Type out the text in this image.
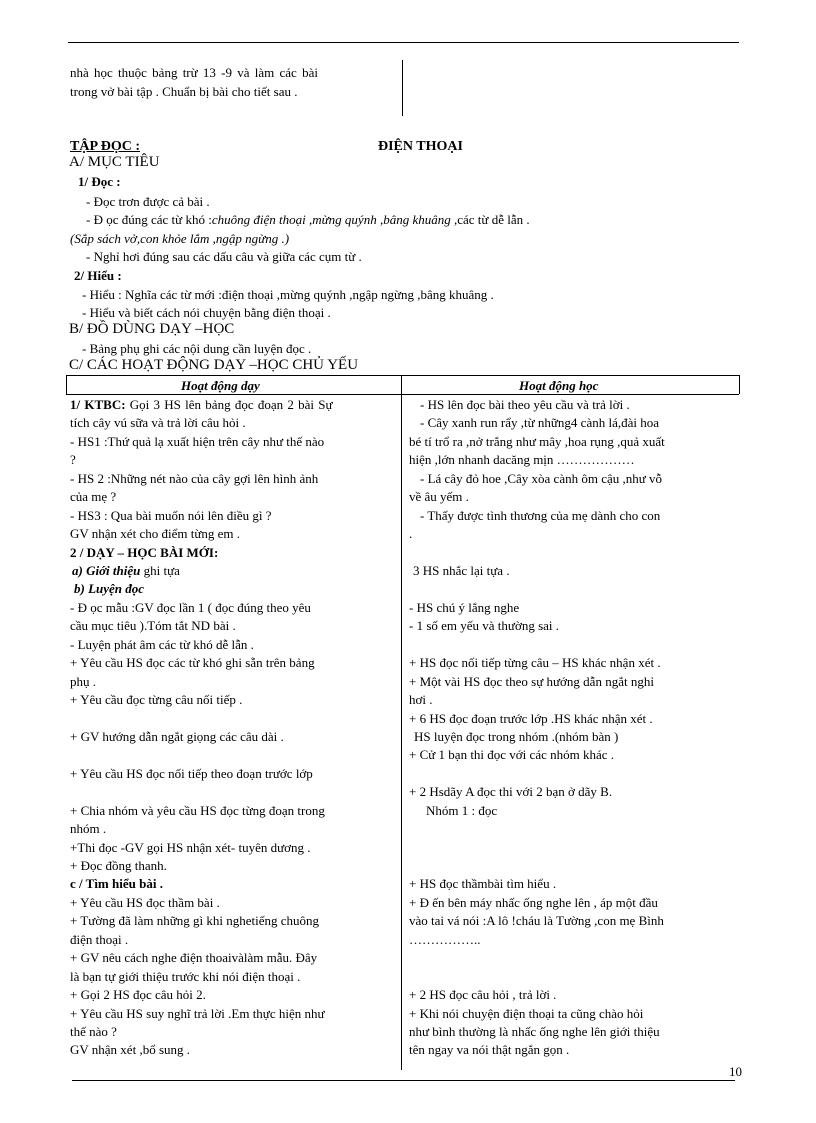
nhà học thuộc bảng trừ 13 -9 và làm các bài
trong vở bài tập . Chuẩn bị bài cho tiết sau .
TẬP ĐỌC :	ĐIỆN THOẠI
A/ MỤC TIÊU
1/ Đọc :
- Đọc trơn được cả bài .
- Đ ọc đúng các từ khó :chuông điện thoại ,mừng quýnh ,bâng khuâng ,các từ dễ lẫn .
(Sắp sách vở,con khỏe lắm ,ngập ngừng .)
- Nghỉ hơi đúng sau các dấu câu và giữa các cụm từ .
2/ Hiểu :
- Hiểu : Nghĩa các từ mới :điện thoại ,mừng quýnh ,ngập ngừng ,bâng khuâng .
- Hiểu và biết cách nói chuyện bằng điện thoại .
B/ ĐỒ DÙNG DẠY –HỌC
- Bảng phụ ghi các nội dung cần luyện đọc .
C/ CÁC HOẠT ĐỘNG DẠY –HỌC CHỦ YẾU
Hoạt động dạy	Hoạt động học
1/ KTBC: Gọi 3 HS lên bảng đọc đoạn 2 bài Sự
tích cây vú sữa và trả lời câu hỏi .
- HS1 :Thứ quả lạ xuất hiện trên cây như thế nào
?
- HS 2 :Những nét nào của cây gợi lên hình ảnh
của mẹ ?
- HS3 : Qua bài muốn nói lên điều gì ?
GV nhận xét cho điểm từng em .
2 / DẠY – HỌC BÀI MỚI:
a) Giới thiệu ghi tựa
b) Luyện đọc
- Đ ọc mẫu :GV đọc lần 1 ( đọc đúng theo yêu
cầu mục tiêu ).Tóm tắt ND bài .
- Luyện phát âm các từ khó dễ lẫn .
+ Yêu cầu HS đọc các từ khó ghi sẵn trên bảng
phụ .
+ Yêu cầu đọc từng câu nối tiếp .
+ GV hướng dẫn ngắt giọng các câu dài .
+ Yêu cầu HS đọc nối tiếp theo đoạn trước lớp
+ Chia nhóm và yêu cầu HS đọc từng đoạn trong
nhóm .
+Thi đọc -GV gọi HS nhận xét- tuyên dương .
+ Đọc đồng thanh.
c / Tìm hiểu bài .
+ Yêu cầu HS đọc thầm bài .
+ Tường đã làm những gì khi nghetiếng chuông
điện thoại .
+ GV nêu cách nghe điện thoaivàlàm mẫu. Đây
là bạn tự giới thiệu trước khi nói điện thoại .
+ Gọi 2 HS đọc câu hỏi 2.
+ Yêu cầu HS suy nghĩ trả lời .Em thực hiện như
thế nào ?
GV nhận xét ,bổ sung .
- HS lên đọc bài theo yêu cầu và trả lời .
- Cây xanh run rẩy ,từ những4 cành lá,đài hoa
bé tí trổ ra ,nở trắng như mây ,hoa rụng ,quả xuất
hiện ,lớn nhanh dacăng mịn ………………
- Lá cây đỏ hoe ,Cây xòa cành ôm cậu ,như vỗ
về âu yếm .
- Thấy được tình thương của mẹ dành cho con
.
3 HS nhắc lại tựa .
- HS chú ý lắng nghe
- 1 số em yếu và thường sai .
+ HS đọc nối tiếp từng câu – HS khác nhận xét .
+ Một vài HS đọc theo sự hướng dẫn ngắt nghỉ
hơi .
+ 6 HS đọc đoạn trước lớp .HS khác nhận xét .
HS luyện đọc trong nhóm .(nhóm bàn )
+ Cử 1 bạn thi đọc với các nhóm khác .
+ 2 Hsdãy A đọc thi với 2 bạn ở dãy B.
Nhóm 1 : đọc
+ HS đọc thầmbài tìm hiểu .
+ Đ ến bên máy nhấc ống nghe lên , áp một đầu
vào tai vá nói :A lô !cháu là Tường ,con mẹ Bình
……………..
+ 2 HS đọc câu hỏi , trả lời .
+ Khi nói chuyện điện thoại ta cũng chào hỏi
như bình thường là nhấc ống nghe lên giới thiệu
tên ngay va nói thật ngắn gọn .
10
